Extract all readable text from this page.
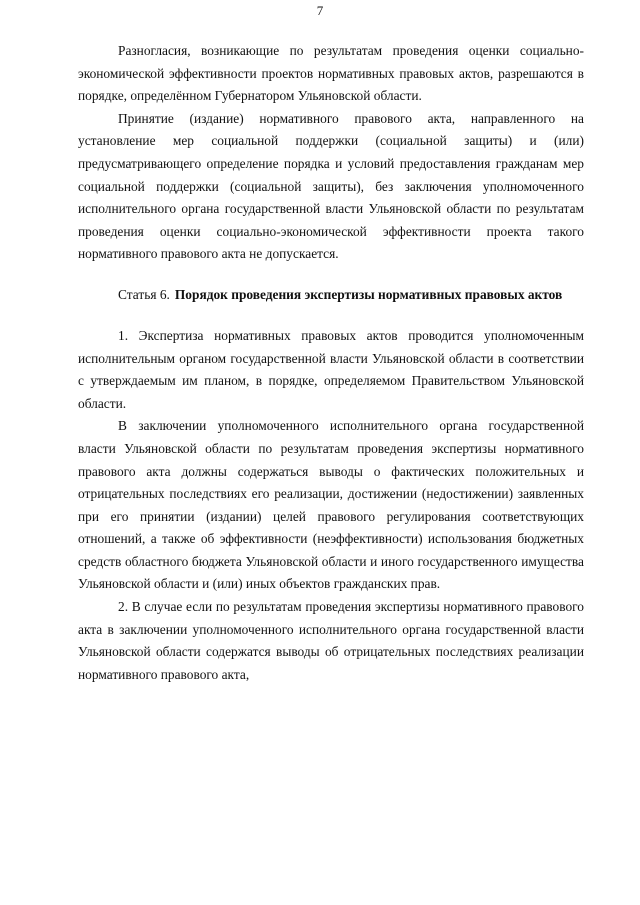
7

Разногласия, возникающие по результатам проведения оценки социально-экономической эффективности проектов нормативных правовых актов, разрешаются в порядке, определённом Губернатором Ульяновской области.

Принятие (издание) нормативного правового акта, направленного на установление мер социальной поддержки (социальной защиты) и (или) предусматривающего определение порядка и условий предоставления гражданам мер социальной поддержки (социальной защиты), без заключения уполномоченного исполнительного органа государственной власти Ульяновской области по результатам проведения оценки социально-экономической эффективности проекта такого нормативного правового акта не допускается.

Статья 6. Порядок проведения экспертизы нормативных правовых актов

1. Экспертиза нормативных правовых актов проводится уполномоченным исполнительным органом государственной власти Ульяновской области в соответствии с утверждаемым им планом, в порядке, определяемом Правительством Ульяновской области.

В заключении уполномоченного исполнительного органа государственной власти Ульяновской области по результатам проведения экспертизы нормативного правового акта должны содержаться выводы о фактических положительных и отрицательных последствиях его реализации, достижении (недостижении) заявленных при его принятии (издании) целей правового регулирования соответствующих отношений, а также об эффективности (неэффективности) использования бюджетных средств областного бюджета Ульяновской области и иного государственного имущества Ульяновской области и (или) иных объектов гражданских прав.

2. В случае если по результатам проведения экспертизы нормативного правового акта в заключении уполномоченного исполнительного органа государственной власти Ульяновской области содержатся выводы об отрицательных последствиях реализации нормативного правового акта,
